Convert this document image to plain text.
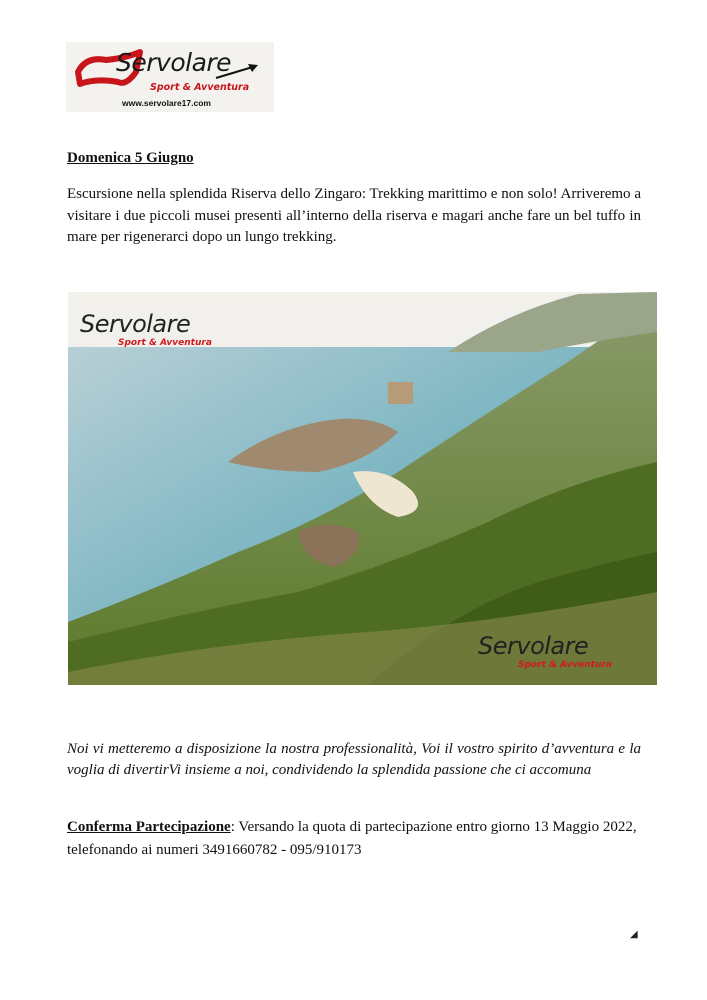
Servolare
Sport & Avventura
www.servolare17.com
Domenica 5 Giugno

Escursione nella splendida Riserva dello Zingaro: Trekking marittimo e non solo! Arriveremo a visitare i due piccoli musei presenti all’interno della riserva e magari anche fare un bel tuffo in mare per rigenerarci dopo un lungo trekking.

Servolare
Sport & Avventura
Servolare
Sport & Avventura

Noi vi metteremo a disposizione la nostra professionalità, Voi il vostro spirito d’avventura e la voglia di divertirVi insieme a noi, condividendo la splendida passione che ci accomuna

Conferma Partecipazione: Versando la quota di partecipazione entro giorno 13 Maggio 2022, telefonando ai numeri 3491660782 - 095/910173

◢
